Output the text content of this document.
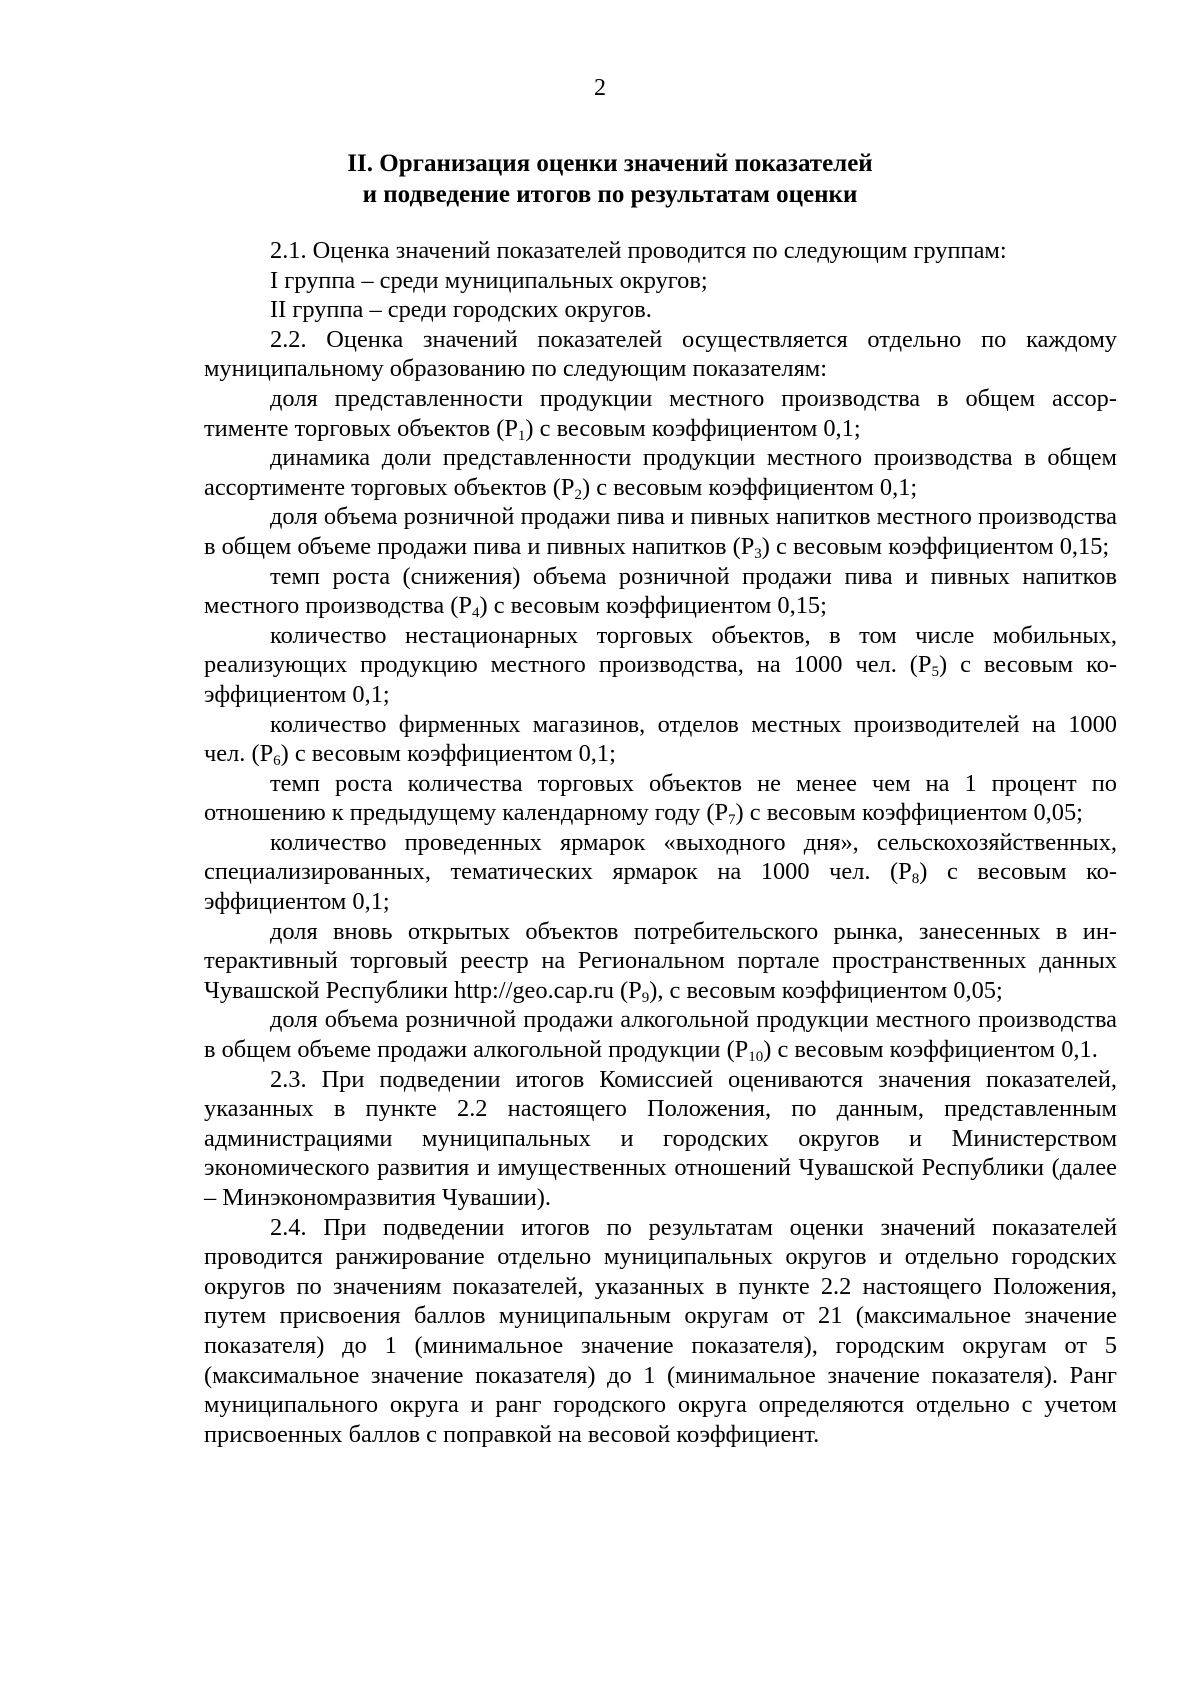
2
II. Организация оценки значений показателей
и подведение итогов по результатам оценки

2.1. Оценка значений показателей проводится по следующим группам:

I группа – среди муниципальных округов;

II группа – среди городских округов.

2.2. Оценка значений показателей осуществляется отдельно по каждому муниципальному образованию по следующим показателям:

доля представленности продукции местного производства в общем ассортименте торговых объектов $(Р_1)$ с весовым коэффициентом 0,1;

динамика доли представленности продукции местного производства в общем ассортименте торговых объектов $(Р_2)$ с весовым коэффициентом 0,1;

доля объема розничной продажи пива и пивных напитков местного производства в общем объеме продажи пива и пивных напитков $(Р_3)$ с весовым коэффициентом 0,15;

темп роста (снижения) объема розничной продажи пива и пивных напитков местного производства $(Р_4)$ с весовым коэффициентом 0,15;

количество нестационарных торговых объектов, в том числе мобильных, реализующих продукцию местного производства, на 1000 чел. $(Р_5)$ с весовым коэффициентом 0,1;

количество фирменных магазинов, отделов местных производителей на 1000 чел. $(Р_6)$ с весовым коэффициентом 0,1;

темп роста количества торговых объектов не менее чем на 1 процент по отношению к предыдущему календарному году $(Р_7)$ с весовым коэффициентом 0,05;

количество проведенных ярмарок «выходного дня», сельскохозяйственных, специализированных, тематических ярмарок на 1000 чел. $(Р_8)$ с весовым коэффициентом 0,1;

доля вновь открытых объектов потребительского рынка, занесенных в интерактивный торговый реестр на Региональном портале пространственных данных Чувашской Республики http://geo.cap.ru $(Р_9)$, с весовым коэффициентом 0,05;

доля объема розничной продажи алкогольной продукции местного производства в общем объеме продажи алкогольной продукции $(Р_{10})$ с весовым коэффициентом 0,1.

2.3. При подведении итогов Комиссией оцениваются значения показателей, указанных в пункте 2.2 настоящего Положения, по данным, представленным администрациями муниципальных и городских округов и Министерством экономического развития и имущественных отношений Чувашской Республики (далее – Минэкономразвития Чувашии).

2.4. При подведении итогов по результатам оценки значений показателей проводится ранжирование отдельно муниципальных округов и отдельно городских округов по значениям показателей, указанных в пункте 2.2 настоящего Положения, путем присвоения баллов муниципальным округам от 21 (максимальное значение показателя) до 1 (минимальное значение показателя), городским округам от 5 (максимальное значение показателя) до 1 (минимальное значение показателя). Ранг муниципального округа и ранг городского округа определяются отдельно с учетом присвоенных баллов с поправкой на весовой коэффициент.
